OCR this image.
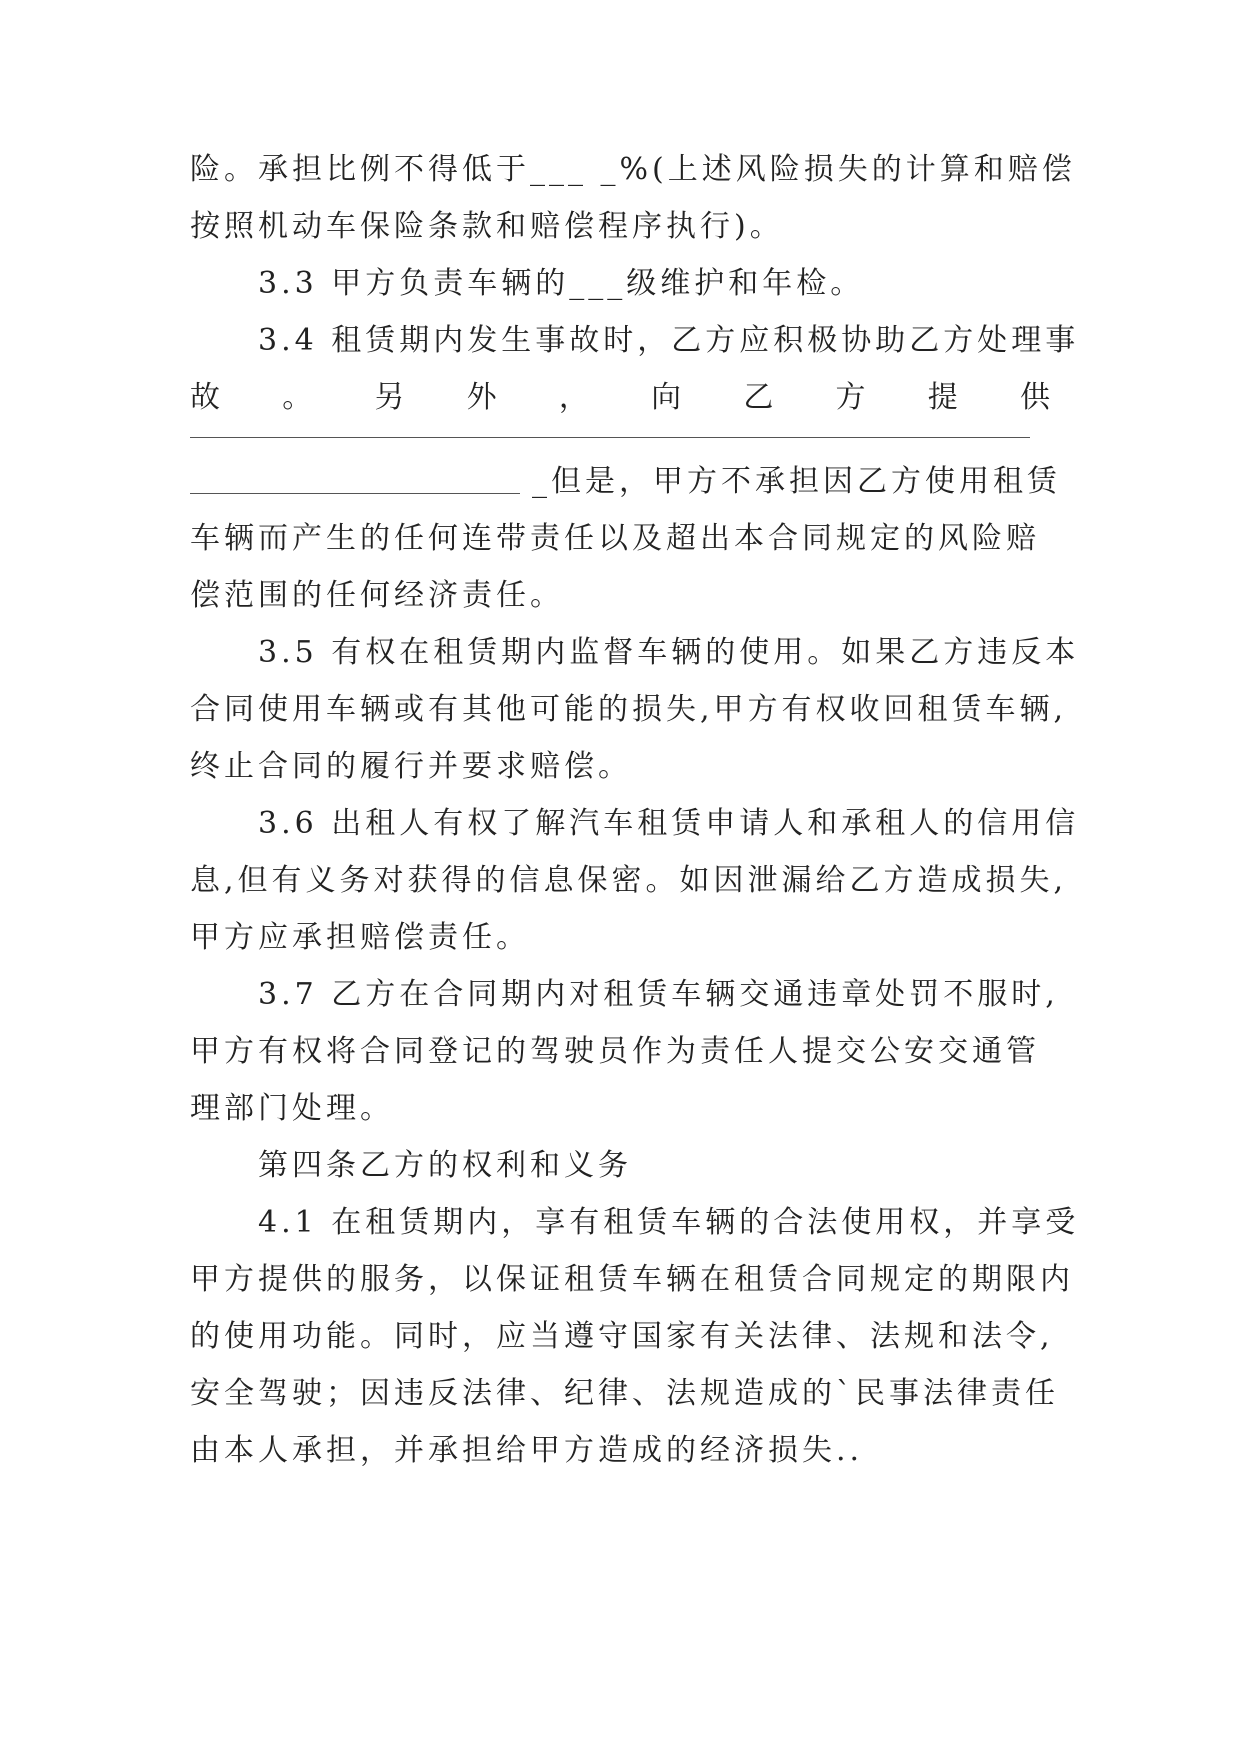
险。承担比例不得低于___ _%(上述风险损失的计算和赔偿
按照机动车保险条款和赔偿程序执行)。
3.3 甲方负责车辆的___级维护和年检。
3.4 租赁期内发生事故时，乙方应积极协助乙方处理事
故 。 另 外 ， 向 乙 方 提 供
_但是，甲方不承担因乙方使用租赁
车辆而产生的任何连带责任以及超出本合同规定的风险赔
偿范围的任何经济责任。
3.5 有权在租赁期内监督车辆的使用。如果乙方违反本
合同使用车辆或有其他可能的损失,甲方有权收回租赁车辆,
终止合同的履行并要求赔偿。
3.6 出租人有权了解汽车租赁申请人和承租人的信用信
息,但有义务对获得的信息保密。如因泄漏给乙方造成损失,
甲方应承担赔偿责任。
3.7 乙方在合同期内对租赁车辆交通违章处罚不服时,
甲方有权将合同登记的驾驶员作为责任人提交公安交通管
理部门处理。
第四条乙方的权利和义务
4.1 在租赁期内，享有租赁车辆的合法使用权，并享受
甲方提供的服务，以保证租赁车辆在租赁合同规定的期限内
的使用功能。同时，应当遵守国家有关法律、法规和法令,
安全驾驶；因违反法律、纪律、法规造成的`民事法律责任
由本人承担，并承担给甲方造成的经济损失..
